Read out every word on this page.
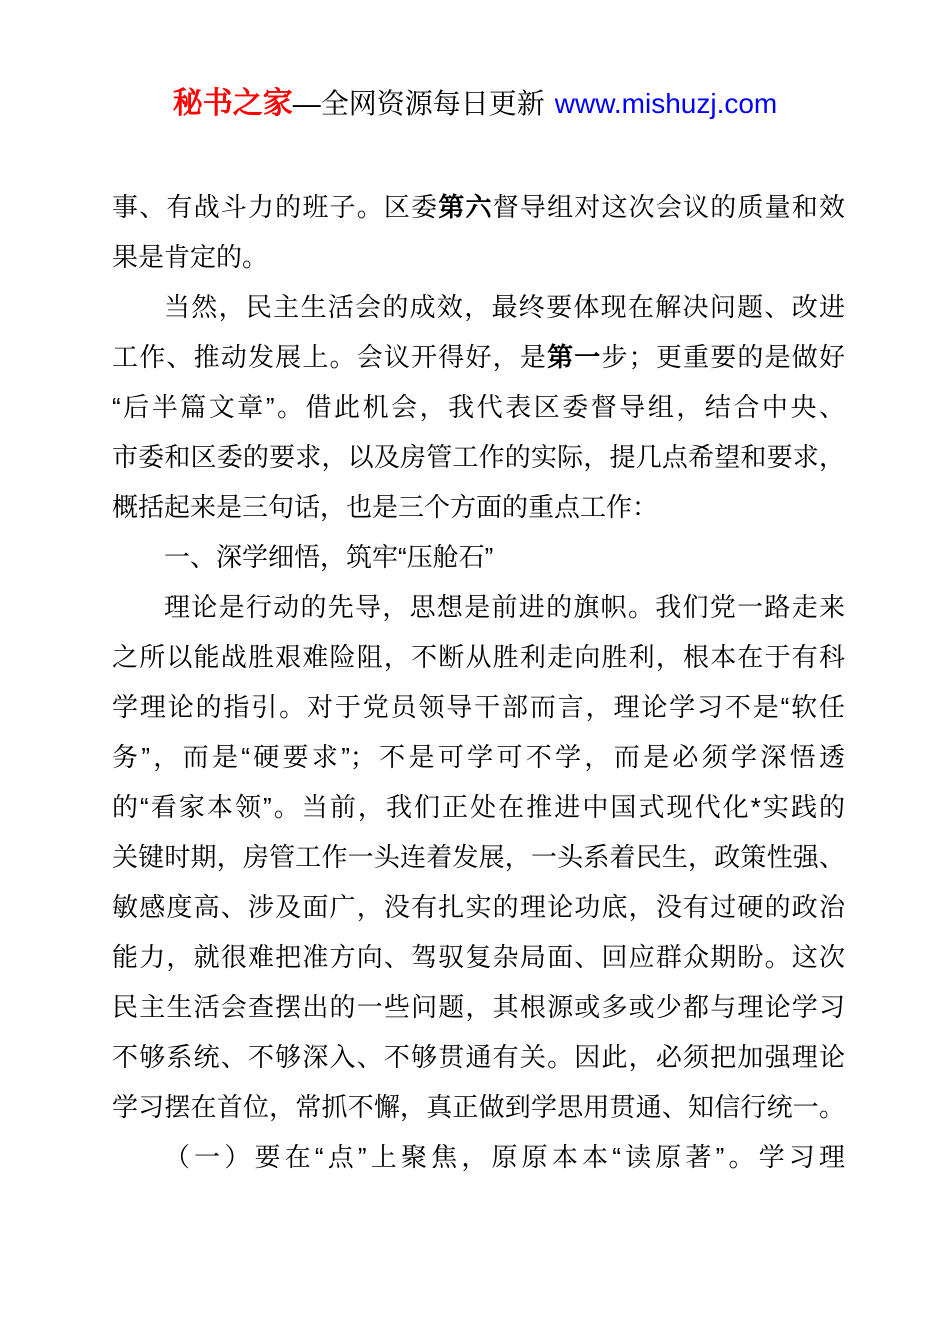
秘书之家—全网资源每日更新 www.mishuzj.com
事、有战斗力的班子。区委第六督导组对这次会议的质量和效
果是肯定的。
当然，民主生活会的成效，最终要体现在解决问题、改进
工作、推动发展上。会议开得好，是第一步；更重要的是做好
“后半篇文章”。借此机会，我代表区委督导组，结合中央、
市委和区委的要求，以及房管工作的实际，提几点希望和要求，
概括起来是三句话，也是三个方面的重点工作：
一、深学细悟，筑牢“压舱石”
理论是行动的先导，思想是前进的旗帜。我们党一路走来
之所以能战胜艰难险阻，不断从胜利走向胜利，根本在于有科
学理论的指引。对于党员领导干部而言，理论学习不是“软任
务”，而是“硬要求”；不是可学可不学，而是必须学深悟透
的“看家本领”。当前，我们正处在推进中国式现代化*实践的
关键时期，房管工作一头连着发展，一头系着民生，政策性强、
敏感度高、涉及面广，没有扎实的理论功底，没有过硬的政治
能力，就很难把准方向、驾驭复杂局面、回应群众期盼。这次
民主生活会查摆出的一些问题，其根源或多或少都与理论学习
不够系统、不够深入、不够贯通有关。因此，必须把加强理论
学习摆在首位，常抓不懈，真正做到学思用贯通、知信行统一。
（一）要在“点”上聚焦，原原本本“读原著”。学习理
